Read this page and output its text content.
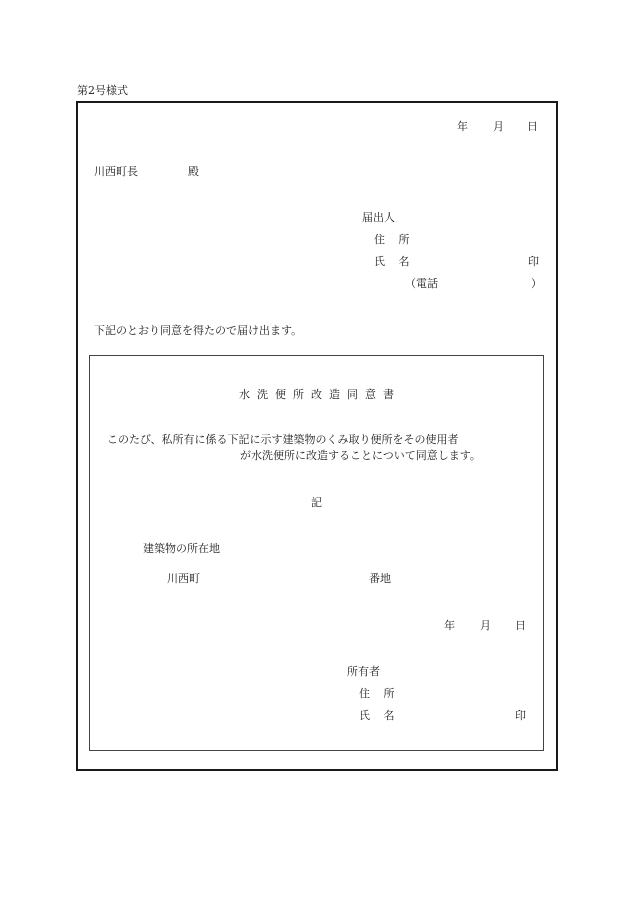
第2号様式
年 月 日
川西町長	殿
届出人
住 所
氏 名	印
（電話	）
下記のとおり同意を得たので届け出ます。
水洗便所改造同意書
このたび、私所有に係る下記に示す建築物のくみ取り便所をその使用者
が水洗便所に改造することについて同意します。
記
建築物の所在地
川西町	番地
年 月 日
所有者
住 所
氏 名	印
